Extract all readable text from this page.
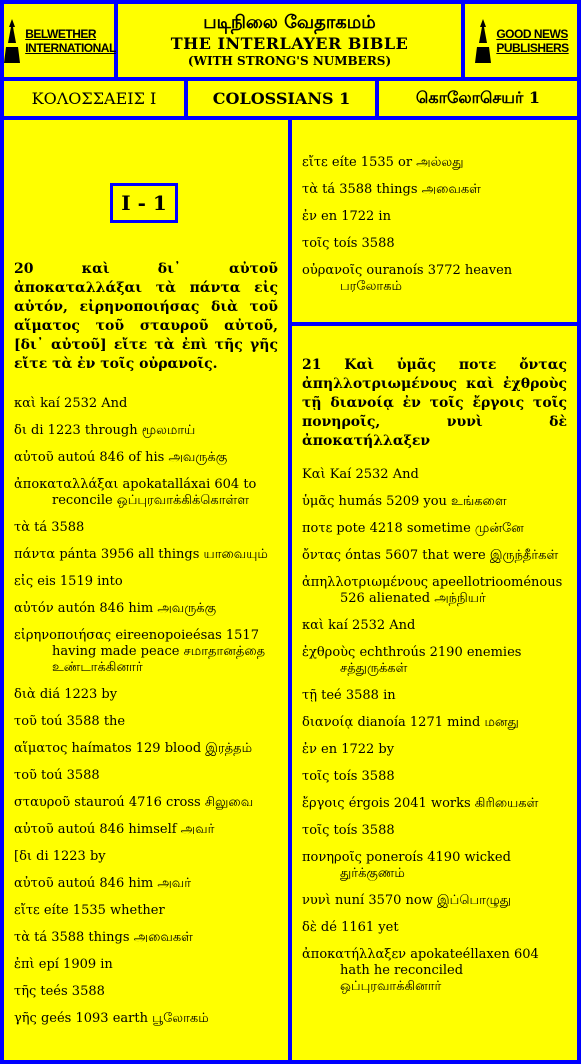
BELWETHER
INTERNATIONAL
படிநிலை வேதாகமம்
THE INTERLAYER BIBLE
(WITH STRONG'S NUMBERS)
GOOD NEWS
PUBLISHERS
ΚΟΛΟΣΣΑΕΙΣ Ι	COLOSSIANS 1	கொலோசெயர் 1
I - 1
20 καὶ δι᾽ αὐτοῦ ἀποκαταλλάξαι τὰ πάντα εἰς αὐτόν, εἰρηνοποιήσας διὰ τοῦ αἵματος τοῦ σταυροῦ αὐτοῦ, [δι᾽ αὐτοῦ] εἴτε τὰ ἐπὶ τῆς γῆς εἴτε τὰ ἐν τοῖς οὐρανοῖς.
καὶ kaí 2532 And
δι di 1223 through மூலமாய்
αὐτοῦ autoú 846 of his அவருக்கு
ἀποκαταλλάξαι apokatalláxai 604 to reconcile ஒப்புரவாக்கிக்கொள்ள
τὰ tá 3588
πάντα pánta 3956 all things யாவையும்
εἰς eis 1519 into
αὐτόν autón 846 him அவருக்கு
εἰρηνοποιήσας eireenopoieésas 1517 having made peace சமாதானத்தை உண்டாக்கினார்
διὰ diá 1223 by
τοῦ toú 3588 the
αἵματος haímatos 129 blood இரத்தம்
τοῦ toú 3588
σταυροῦ stauroú 4716 cross சிலுவை
αὐτοῦ autoú 846 himself அவர்
[δι di 1223 by
αὐτοῦ autoú 846 him அவர்
εἴτε eíte 1535 whether
τὰ tá 3588 things அவைகள்
ἐπὶ epí 1909 in
τῆς teés 3588
γῆς geés 1093 earth பூலோகம்
εἴτε eíte 1535 or அல்லது
τὰ tá 3588 things அவைகள்
ἐν en 1722 in
τοῖς toís 3588
οὐρανοῖς ouranoís 3772 heaven பரலோகம்
21 Καὶ ὑμᾶς ποτε ὄντας ἀπηλλοτριωμένους καὶ ἐχθροὺς τῇ διανοίᾳ ἐν τοῖς ἔργοις τοῖς πονηροῖς, νυνὶ δὲ ἀποκατήλλαξεν
Καὶ Kaí 2532 And
ὑμᾶς humás 5209 you உங்களை
ποτε pote 4218 sometime முன்னே
ὄντας óntas 5607 that were இருந்தீர்கள்
ἀπηλλοτριωμένους apeellotriooménous 526 alienated அந்நியர்
καὶ kaí 2532 And
ἐχθροὺς echthroús 2190 enemies சத்துருக்கள்
τῇ teé 3588 in
διανοίᾳ dianoía 1271 mind மனது
ἐν en 1722 by
τοῖς toís 3588
ἔργοις érgois 2041 works கிரியைகள்
τοῖς toís 3588
πονηροῖς poneroís 4190 wicked துர்க்குணம்
νυνὶ nuní 3570 now இப்பொழுது
δὲ dé 1161 yet
ἀποκατήλλαξεν apokateéllaxen 604 hath he reconciled ஒப்புரவாக்கினார்
